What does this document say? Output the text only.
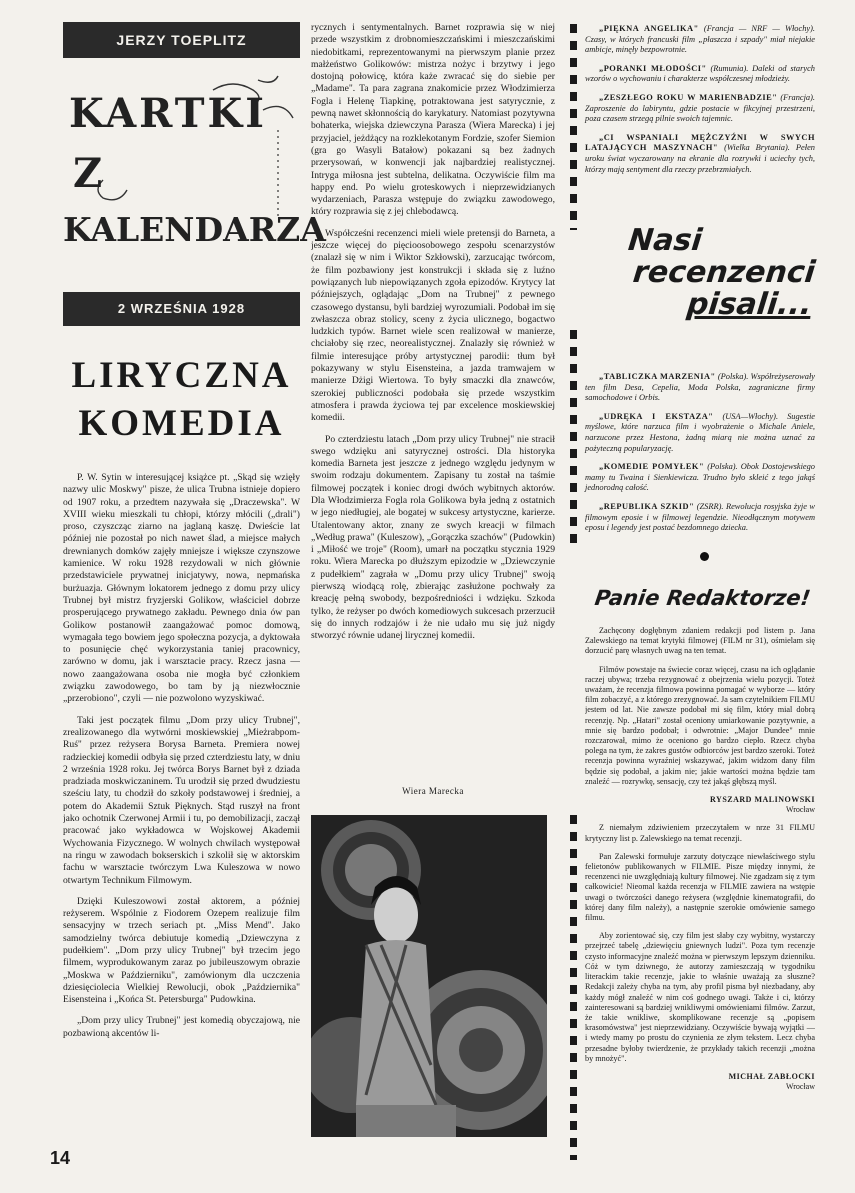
JERZY TOEPLITZ
KARTKI
Z
KALENDARZA
2 WRZEŚNIA 1928
LIRYCZNA
KOMEDIA

P. W. Sytin w interesującej książce pt. „Skąd się wzięły nazwy ulic Moskwy" pisze, że ulica Trubna istnieje dopiero od 1907 roku, a przedtem nazywała się „Draczewska". W XVIII wieku mieszkali tu chłopi, którzy młócili („drali") proso, czyszcząc ziarno na jaglaną kaszę. Dwieście lat później nie pozostał po nich nawet ślad, a miejsce małych drewnianych domków zajęły mniejsze i większe czynszowe kamienice. W roku 1928 rezydowali w nich głównie przedstawiciele prywatnej inicjatywy, nowa, nepmańska burżuazja. Głównym lokatorem jednego z domu przy ulicy Trubnej był mistrz fryzjerski Golikow, właściciel dobrze prosperującego prywatnego zakładu. Pewnego dnia ów pan Golikow postanowił zaangażować pomoc domową, wymagała tego bowiem jego społeczna pozycja, a dyktowała to posunięcie chęć wykorzystania taniej pracownicy, zarówno w domu, jak i warsztacie pracy. Rzecz jasna — nowo zaangażowana osoba nie mogła być członkiem związku zawodowego, bo tam by ją niezwłocznie „przerobiono", czyli — nie pozwolono wyzyskiwać.

Taki jest początek filmu „Dom przy ulicy Trubnej", zrealizowanego dla wytwórni moskiewskiej „Mieżrabpom-Ruś" przez reżysera Borysa Barneta. Premiera nowej radzieckiej komedii odbyła się przed czterdziestu laty, w dniu 2 września 1928 roku. Jej twórca Borys Barnet był z dziada pradziada moskwiczaninem. Tu urodził się przed dwudziestu sześciu laty, tu chodził do szkoły podstawowej i średniej, a potem do Akademii Sztuk Pięknych. Stąd ruszył na front jako ochotnik Czerwonej Armii i tu, po demobilizacji, zaczął pracować jako wykładowca w Wojskowej Akademii Wychowania Fizycznego. W wolnych chwilach występował na ringu w zawodach bokserskich i szkolił się w aktorskim fachu w warsztacie twórczym Lwa Kuleszowa w nowo otwartym Technikum Filmowym.

Dzięki Kuleszowowi został aktorem, a później reżyserem. Wspólnie z Fiodorem Ozepem realizuje film sensacyjny w trzech seriach pt. „Miss Mend". Jako samodzielny twórca debiutuje komedią „Dziewczyna z pudełkiem". „Dom przy ulicy Trubnej" był trzecim jego filmem, wyprodukowanym zaraz po jubileuszowym obrazie „Moskwa w Październiku", zamówionym dla uczczenia dziesięciolecia Wielkiej Rewolucji, obok „Października" Eisensteina i „Końca St. Petersburga" Pudowkina.

„Dom przy ulicy Trubnej" jest komedią obyczajową, nie pozbawioną akcentów li-

14

rycznych i sentymentalnych. Barnet rozprawia się w niej przede wszystkim z drobnomieszczańskimi i mieszczańskimi niedobitkami, reprezentowanymi na pierwszym planie przez małżeństwo Golikowów: mistrza nożyc i brzytwy i jego dostojną połowicę, która każe zwracać się do siebie per „Madame". Ta para zagrana znakomicie przez Włodzimierza Fogla i Helenę Tiapkinę, potraktowana jest satyrycznie, z pewną nawet skłonnością do karykatury. Natomiast pozytywna bohaterka, wiejska dziewczyna Parasza (Wiera Marecka) i jej przyjaciel, jeżdżący na rozklekotanym Fordzie, szofer Siemion (gra go Wasyli Batałow) pokazani są bez żadnych przerysowań, w konwencji jak najbardziej realistycznej. Intryga miłosna jest subtelna, delikatna. Oczywiście film ma happy end. Po wielu groteskowych i nieprzewidzianych wydarzeniach, Parasza wstępuje do związku zawodowego, który rozprawia się z jej chlebodawcą.

Współcześni recenzenci mieli wiele pretensji do Barneta, a jeszcze więcej do pięcioosobowego zespołu scenarzystów (znalazł się w nim i Wiktor Szkłowski), zarzucając twórcom, że film pozbawiony jest konstrukcji i składa się z luźno powiązanych lub niepowiązanych zgoła epizodów. Krytycy lat późniejszych, oglądając „Dom na Trubnej" z pewnego czasowego dystansu, byli bardziej wyrozumiali. Podobał im się zwłaszcza obraz stolicy, sceny z życia ulicznego, bogactwo ludzkich typów. Barnet wiele scen realizował w manierze, chciałoby się rzec, neorealistycznej. Znalazły się również w filmie interesujące próby artystycznej parodii: tłum był pokazywany w stylu Eisensteina, a jazda tramwajem w manierze Dżigi Wiertowa. To były smaczki dla znawców, szerokiej publiczności podobała się przede wszystkim atmosfera i prawda życiowa tej par excelence moskiewskiej komedii.

Po czterdziestu latach „Dom przy ulicy Trubnej" nie stracił swego wdzięku ani satyrycznej ostrości. Dla historyka komedia Barneta jest jeszcze z jednego względu jedynym w swoim rodzaju dokumentem. Zapisany tu został na taśmie filmowej początek i koniec drogi dwóch wybitnych aktorów. Dla Włodzimierza Fogla rola Golikowa była jedną z ostatnich w jego niedługiej, ale bogatej w sukcesy artystyczne, karierze. Utalentowany aktor, znany ze swych kreacji w filmach „Według prawa" (Kuleszow), „Gorączka szachów" (Pudowkin) i „Miłość we troje" (Room), umarł na początku stycznia 1929 roku. Wiera Marecka po dłuższym epizodzie w „Dziewczynie z pudełkiem" zagrała w „Domu przy ulicy Trubnej" swoją pierwszą wiodącą rolę, zbierając zasłużone pochwały za kreację pełną swobody, bezpośredniości i wdzięku. Szkoda tylko, że reżyser po dwóch komediowych sukcesach przerzucił się do innych rodzajów i że nie udało mu się już nigdy stworzyć równie udanej lirycznej komedii.

Wiera Marecka

„PIĘKNA ANGELIKA" (Francja — NRF — Włochy). Czasy, w których francuski film „płaszcza i szpady" miał niejakie ambicje, minęły bezpowrotnie.

„PORANKI MŁODOŚCI" (Rumunia). Daleki od starych wzorów o wychowaniu i charakterze współczesnej młodzieży.

„ZESZŁEGO ROKU W MARIENBADZIE" (Francja). Zaproszenie do labiryntu, gdzie postacie w fikcyjnej przestrzeni, poza czasem strzegą pilnie swoich tajemnic.

„CI WSPANIALI MĘŻCZYŹNI W SWYCH LATAJĄCYCH MASZYNACH" (Wielka Brytania). Pełen uroku świat wyczarowany na ekranie dla rozrywki i uciechy tych, którzy mają sentyment dla rzeczy przebrzmiałych.

Nasi
recenzenci
pisali...

„TABLICZKA MARZENIA" (Polska). Współreżyserowały ten film Desa, Cepelia, Moda Polska, zagraniczne firmy samochodowe i Orbis.

„UDRĘKA I EKSTAZA" (USA—Włochy). Sugestie myślowe, które narzuca film i wyobrażenie o Michale Aniele, narzucone przez Hestona, żadną miarą nie można uznać za pożyteczną popularyzację.

„KOMEDIE POMYŁEK" (Polska). Obok Dostojewskiego mamy tu Twaina i Sienkiewicza. Trudno było skleić z tego jakąś jednorodną całość.

„REPUBLIKA SZKID" (ZSRR). Rewolucja rosyjska żyje w filmowym eposie i w filmowej legendzie. Nieodłącznym motywem eposu i legendy jest postać bezdomnego dziecka.

Panie Redaktorze!

Zachęcony dogłębnym zdaniem redakcji pod listem p. Jana Zalewskiego na temat krytyki filmowej (FILM nr 31), ośmielam się dorzucić parę własnych uwag na ten temat.

Filmów powstaje na świecie coraz więcej, czasu na ich oglądanie raczej ubywa; trzeba rezygnować z obejrzenia wielu pozycji. Toteż uważam, że recenzja filmowa powinna pomagać w wyborze — który film zobaczyć, a z którego zrezygnować. Ja sam czytelnikiem FILMU jestem od lat. Nie zawsze podobał mi się film, który mial dobrą recenzję. Np. „Hatari" został oceniony umiarkowanie pozytywnie, a mnie się bardzo podobał; i odwrotnie: „Major Dundee" mnie rozczarował, mimo że oceniono go bardzo ciepło. Rzecz chyba polega na tym, że zakres gustów odbiorców jest bardzo szeroki. Toteż recenzja powinna wyraźniej wskazywać, jakim widzom dany film będzie się podobał, a jakim nie; jakie wartości można będzie tam znaleźć — rozrywkę, sensację, czy też jakąś głębszą myśl.

RYSZARD MALINOWSKI

Wrocław

Z niemałym zdziwieniem przeczytałem w nrze 31 FILMU krytyczny list p. Zalewskiego na temat recenzji.

Pan Zalewski formułuje zarzuty dotyczące niewłaściwego stylu felietonów publikowanych w FILMIE. Pisze między innymi, że recenzenci nie uwzględniają kultury filmowej. Nie zgadzam się z tym całkowicie! Nieomal każda recenzja w FILMIE zawiera na wstępie uwagi o twórczości danego reżysera (względnie kinematografii, do której dany film należy), a następnie szerokie omówienie samego filmu.

Aby zorientować się, czy film jest słaby czy wybitny, wystarczy przejrzeć tabelę „dziewięciu gniewnych ludzi". Poza tym recenzje czysto informacyjne znaleźć można w pierwszym lepszym dzienniku. Cóż w tym dziwnego, że autorzy zamieszczają w tygodniku literackim takie recenzje, jakie to właśnie uważają za słuszne? Redakcji zależy chyba na tym, aby profil pisma był niezbadany, aby każdy mógł znaleźć w nim coś godnego uwagi. Także i ci, którzy zainteresowani są bardziej wnikliwymi omówieniami filmów. Zarzut, że takie wnikliwe, skomplikowane recenzje są „popisem krasomówstwa" jest nieprzewidziany. Oczywiście bywają wyjątki — i wtedy mamy po prostu do czynienia ze złym tekstem. Lecz chyba przesadne byłoby twierdzenie, że przykłady takich recenzji „można by mnożyć".

MICHAŁ ZABŁOCKI

Wrocław
